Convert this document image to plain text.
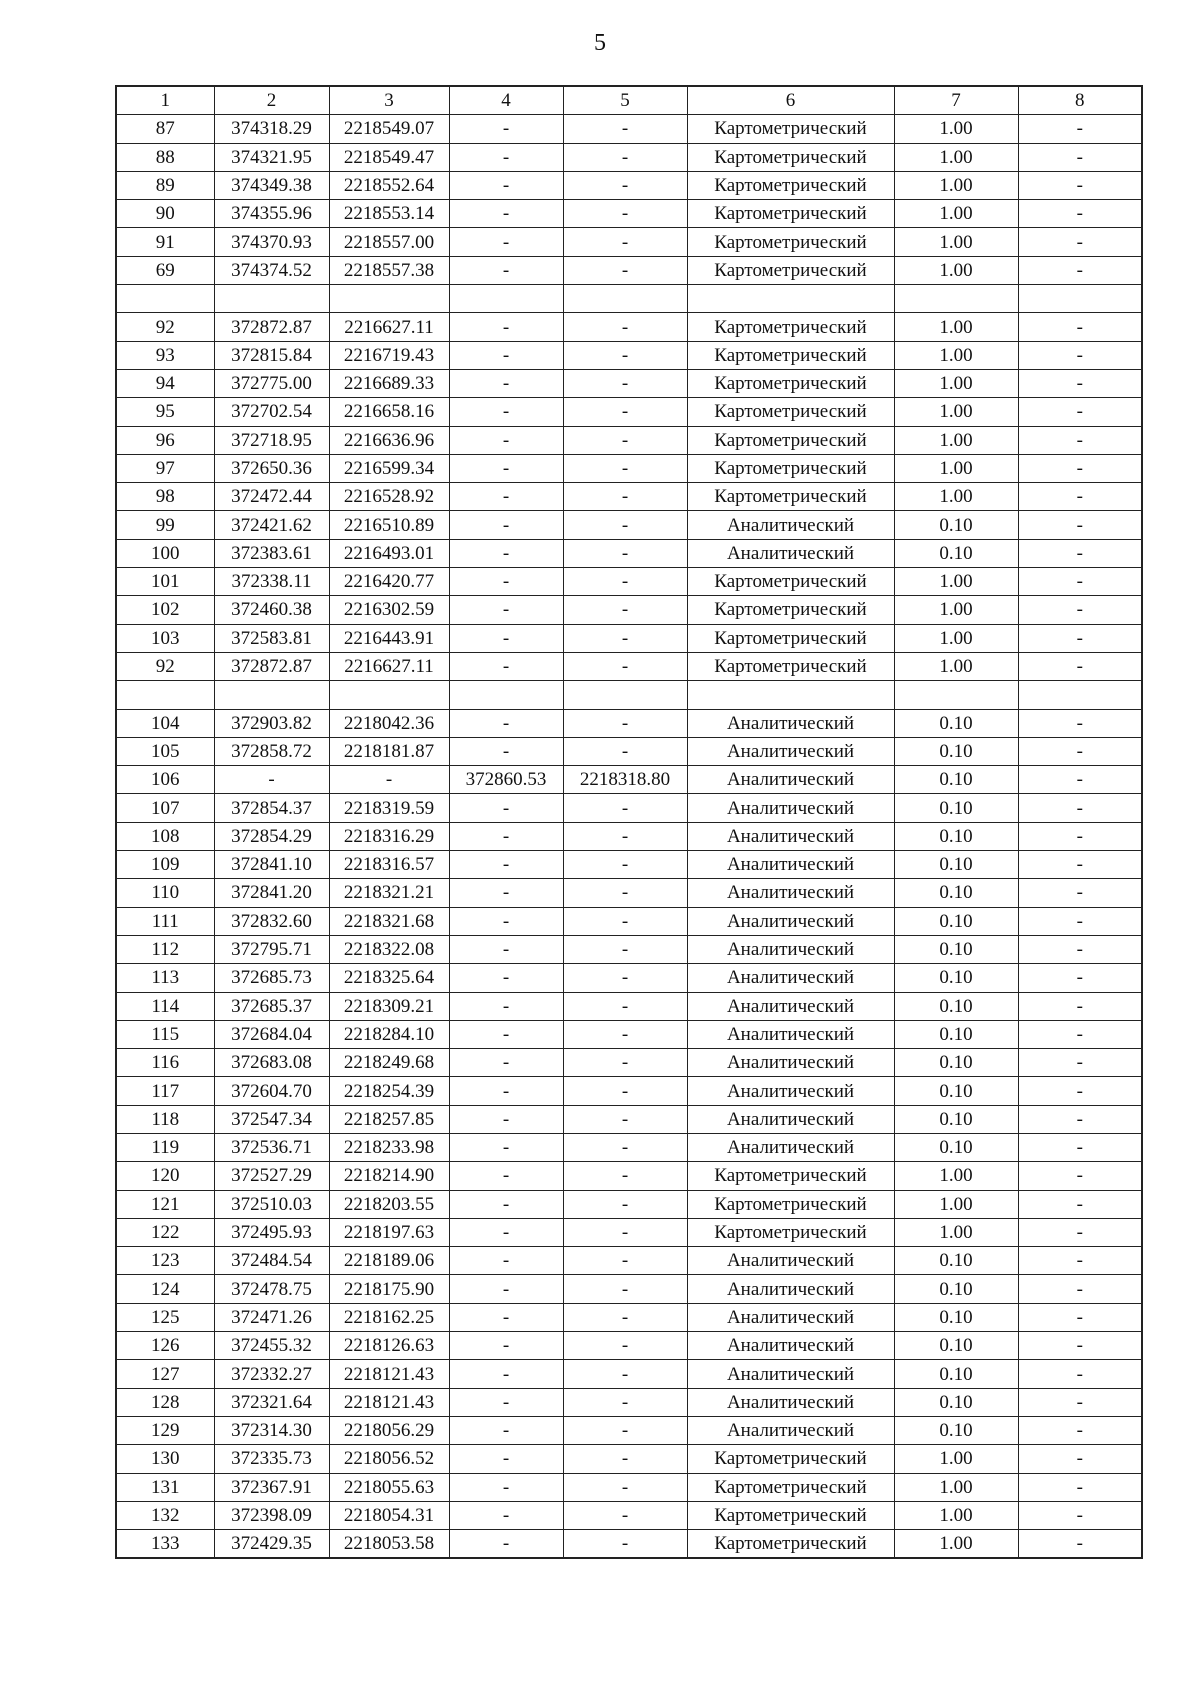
5
1	2	3	4	5	6	7	8
87	374318.29	2218549.07	-	-	Картометрический	1.00	-
88	374321.95	2218549.47	-	-	Картометрический	1.00	-
89	374349.38	2218552.64	-	-	Картометрический	1.00	-
90	374355.96	2218553.14	-	-	Картометрический	1.00	-
91	374370.93	2218557.00	-	-	Картометрический	1.00	-
69	374374.52	2218557.38	-	-	Картометрический	1.00	-

92	372872.87	2216627.11	-	-	Картометрический	1.00	-
93	372815.84	2216719.43	-	-	Картометрический	1.00	-
94	372775.00	2216689.33	-	-	Картометрический	1.00	-
95	372702.54	2216658.16	-	-	Картометрический	1.00	-
96	372718.95	2216636.96	-	-	Картометрический	1.00	-
97	372650.36	2216599.34	-	-	Картометрический	1.00	-
98	372472.44	2216528.92	-	-	Картометрический	1.00	-
99	372421.62	2216510.89	-	-	Аналитический	0.10	-
100	372383.61	2216493.01	-	-	Аналитический	0.10	-
101	372338.11	2216420.77	-	-	Картометрический	1.00	-
102	372460.38	2216302.59	-	-	Картометрический	1.00	-
103	372583.81	2216443.91	-	-	Картометрический	1.00	-
92	372872.87	2216627.11	-	-	Картометрический	1.00	-

104	372903.82	2218042.36	-	-	Аналитический	0.10	-
105	372858.72	2218181.87	-	-	Аналитический	0.10	-
106	-	-	372860.53	2218318.80	Аналитический	0.10	-
107	372854.37	2218319.59	-	-	Аналитический	0.10	-
108	372854.29	2218316.29	-	-	Аналитический	0.10	-
109	372841.10	2218316.57	-	-	Аналитический	0.10	-
110	372841.20	2218321.21	-	-	Аналитический	0.10	-
111	372832.60	2218321.68	-	-	Аналитический	0.10	-
112	372795.71	2218322.08	-	-	Аналитический	0.10	-
113	372685.73	2218325.64	-	-	Аналитический	0.10	-
114	372685.37	2218309.21	-	-	Аналитический	0.10	-
115	372684.04	2218284.10	-	-	Аналитический	0.10	-
116	372683.08	2218249.68	-	-	Аналитический	0.10	-
117	372604.70	2218254.39	-	-	Аналитический	0.10	-
118	372547.34	2218257.85	-	-	Аналитический	0.10	-
119	372536.71	2218233.98	-	-	Аналитический	0.10	-
120	372527.29	2218214.90	-	-	Картометрический	1.00	-
121	372510.03	2218203.55	-	-	Картометрический	1.00	-
122	372495.93	2218197.63	-	-	Картометрический	1.00	-
123	372484.54	2218189.06	-	-	Аналитический	0.10	-
124	372478.75	2218175.90	-	-	Аналитический	0.10	-
125	372471.26	2218162.25	-	-	Аналитический	0.10	-
126	372455.32	2218126.63	-	-	Аналитический	0.10	-
127	372332.27	2218121.43	-	-	Аналитический	0.10	-
128	372321.64	2218121.43	-	-	Аналитический	0.10	-
129	372314.30	2218056.29	-	-	Аналитический	0.10	-
130	372335.73	2218056.52	-	-	Картометрический	1.00	-
131	372367.91	2218055.63	-	-	Картометрический	1.00	-
132	372398.09	2218054.31	-	-	Картометрический	1.00	-
133	372429.35	2218053.58	-	-	Картометрический	1.00	-
